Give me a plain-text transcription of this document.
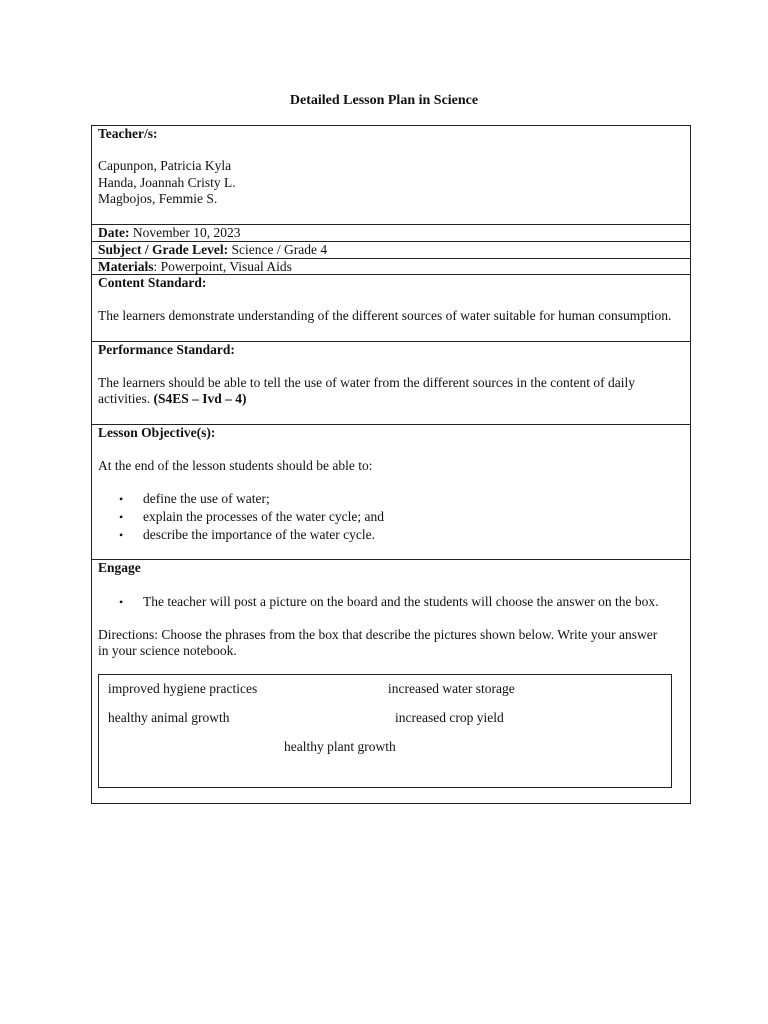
Detailed Lesson Plan in Science
Teacher/s:
Capunpon, Patricia Kyla
Handa, Joannah Cristy L.
Magbojos, Femmie S.
Date: November 10, 2023
Subject / Grade Level: Science / Grade 4
Materials: Powerpoint, Visual Aids
Content Standard:
The learners demonstrate understanding of the different sources of water suitable for human consumption.
Performance Standard:
The learners should be able to tell the use of water from the different sources in the content of daily
activities. (S4ES – Ivd – 4)
Lesson Objective(s):
At the end of the lesson students should be able to:
• define the use of water;
• explain the processes of the water cycle; and
• describe the importance of the water cycle.
Engage
• The teacher will post a picture on the board and the students will choose the answer on the box.
Directions: Choose the phrases from the box that describe the pictures shown below. Write your answer
in your science notebook.
improved hygiene practices	increased water storage
healthy animal growth	increased crop yield
healthy plant growth
